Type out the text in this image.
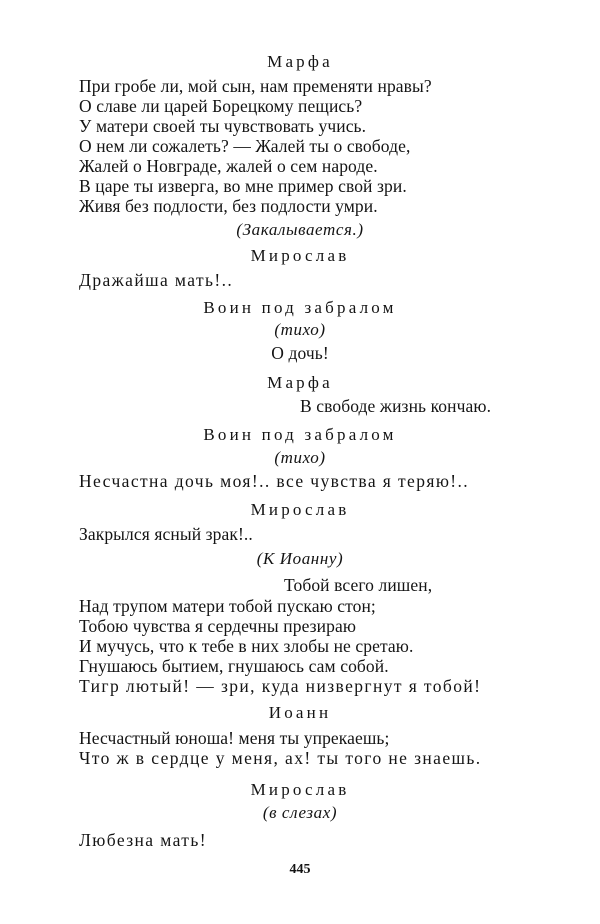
Марфа
При гробе ли, мой сын, нам пременяти нравы?
О славе ли царей Борецкому пещись?
У матери своей ты чувствовать учись.
О нем ли сожалеть? — Жалей ты о свободе,
Жалей о Новграде, жалей о сем народе.
В царе ты изверга, во мне пример свой зри.
Живя без подлости, без подлости умри.
(Закалывается.)
Мирослав
Дражайша мать!..
Воин под забралом
(тихо)
О дочь!
Марфа
В свободе жизнь кончаю.
Воин под забралом
(тихо)
Несчастна дочь моя!.. все чувства я теряю!..
Мирослав
Закрылся ясный зрак!..
(К Иоанну)
Тобой всего лишен,
Над трупом матери тобой пускаю стон;
Тобою чувства я сердечны презираю
И мучусь, что к тебе в них злобы не сретаю.
Гнушаюсь бытием, гнушаюсь сам собой.
Тигр лютый! — зри, куда низвергнут я тобой!
Иоанн
Несчастный юноша! меня ты упрекаешь;
Что ж в сердце у меня, ах! ты того не знаешь.
Мирослав
(в слезах)
Любезна мать!
445
